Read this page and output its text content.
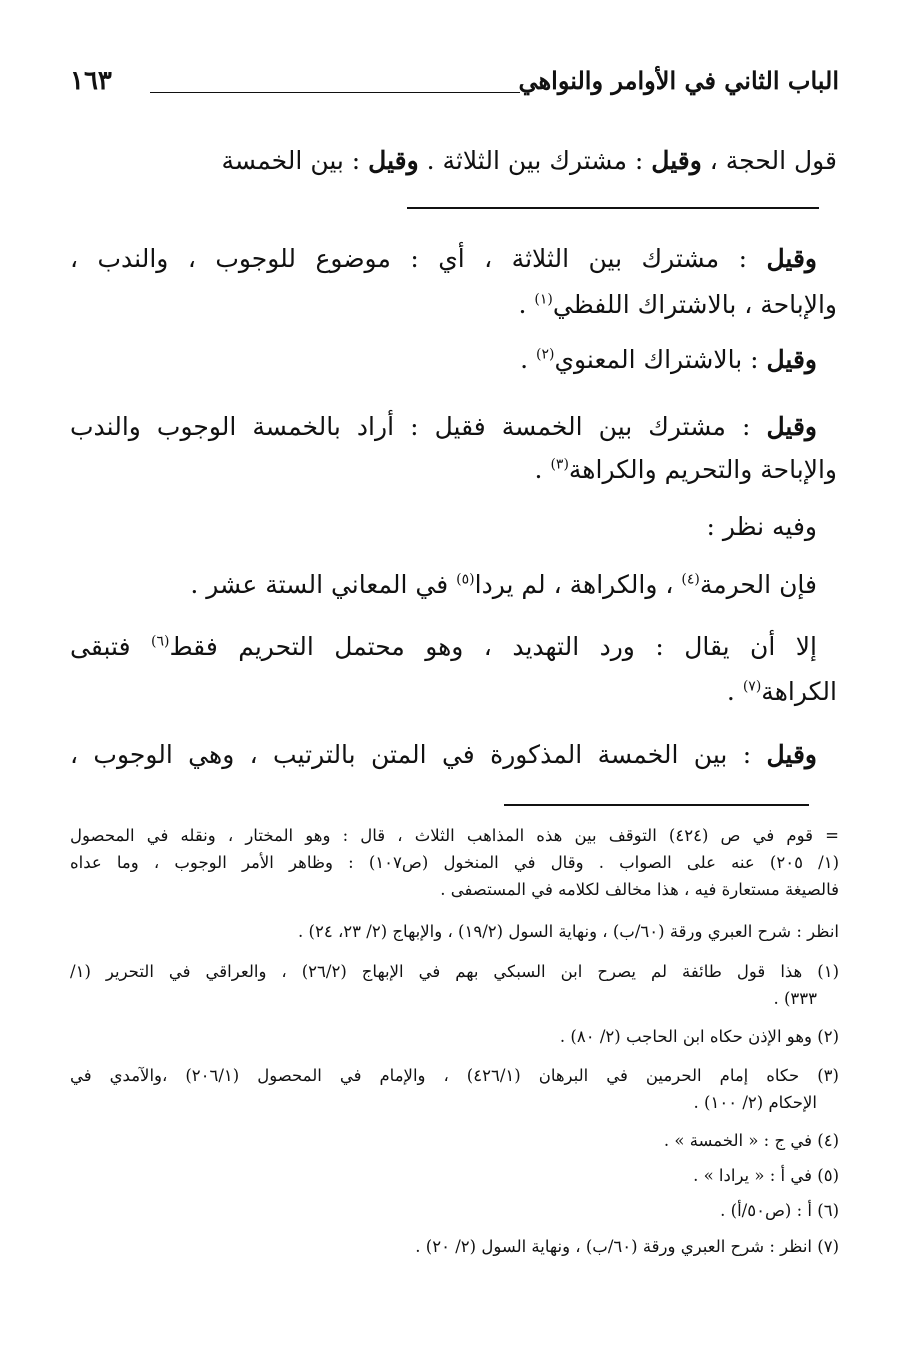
الباب الثاني في الأوامر والنواهي
١٦٣
قول الحجة ، وقيل : مشترك بين الثلاثة . وقيل : بين الخمسة
وقيل : مشترك بين الثلاثة ، أي : موضوع للوجوب ، والندب ،
والإباحة ، بالاشتراك اللفظي$^{(١)}$ .
وقيل : بالاشتراك المعنوي$^{(٢)}$ .
وقيل : مشترك بين الخمسة فقيل : أراد بالخمسة الوجوب والندب
والإباحة والتحريم والكراهة$^{(٣)}$ .
وفيه نظر :
فإن الحرمة$^{(٤)}$ ، والكراهة ، لم يردا$^{(٥)}$ في المعاني الستة عشر .
إلا أن يقال : ورد التهديد ، وهو محتمل التحريم فقط$^{(٦)}$ فتبقى
الكراهة$^{(٧)}$ .
وقيل : بين الخمسة المذكورة في المتن بالترتيب ، وهي الوجوب ،
= قوم في ص (٤٢٤) التوقف بين هذه المذاهب الثلاث ، قال : وهو المختار ، ونقله في المحصول
(١/ ٢٠٥) عنه على الصواب . وقال في المنخول (ص١٠٧) : وظاهر الأمر الوجوب ، وما عداه
فالصيغة مستعارة فيه ، هذا مخالف لكلامه في المستصفى .
انظر : شرح العبري ورقة (٦٠/ب) ، ونهاية السول (١٩/٢) ، والإبهاج (٢/ ٢٣، ٢٤) .
(١) هذا قول طائفة لم يصرح ابن السبكي بهم في الإبهاج (٢٦/٢) ، والعراقي في التحرير (١/
٣٣٣) .
(٢) وهو الإذن حكاه ابن الحاجب (٢/ ٨٠) .
(٣) حكاه إمام الحرمين في البرهان (٤٢٦/١) ، والإمام في المحصول (٢٠٦/١) ،والآمدي في
الإحكام (٢/ ١٠٠) .
(٤) في ج : « الخمسة » .
(٥) في أ : « يرادا » .
(٦) أ : (ص٥٠/أ) .
(٧) انظر : شرح العبري ورقة (٦٠/ب) ، ونهاية السول (٢/ ٢٠) .
